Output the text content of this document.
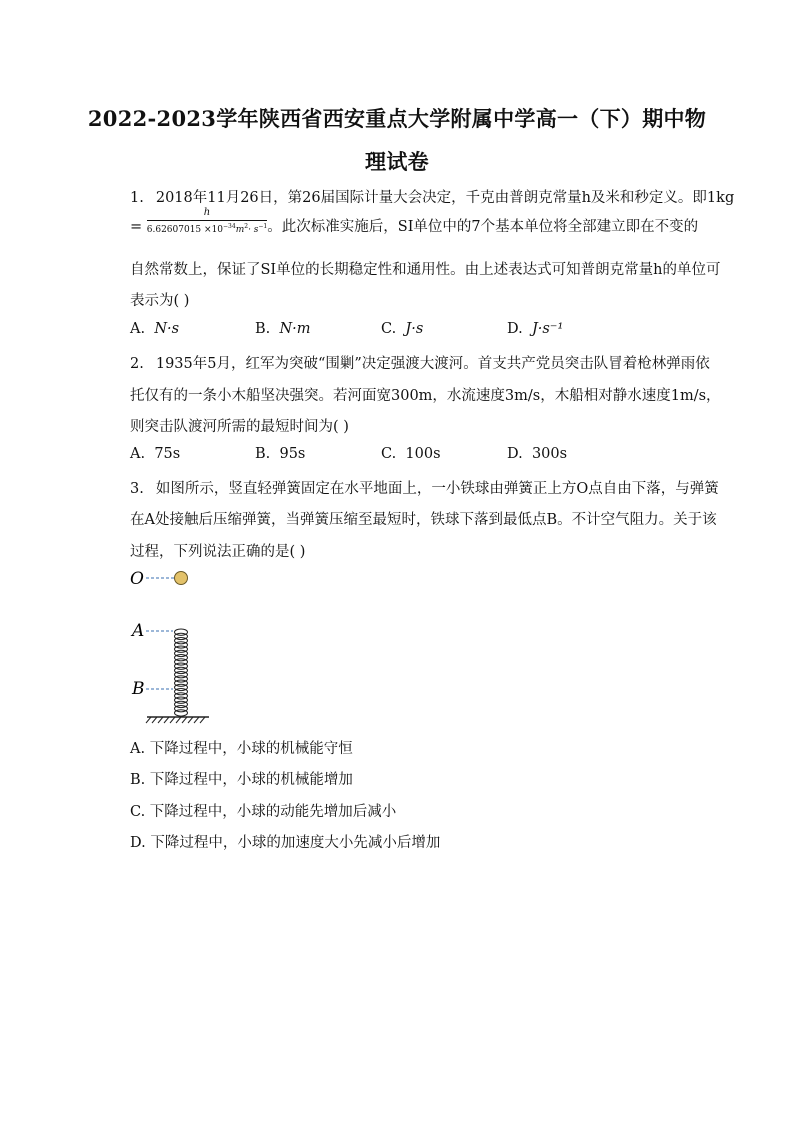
2022-2023学年陕西省西安重点大学附属中学高一（下）期中物
理试卷
1. 2018年11月26日，第26届国际计量大会决定，千克由普朗克常量h及米和秒定义。即1kg
= $\frac{h}{6.62607015 \times 10^{-34}m^2\cdot s^{-1}}$ 。此次标准实施后，SI单位中的7个基本单位将全部建立即在不变的
自然常数上，保证了SI单位的长期稳定性和通用性。由上述表达式可知普朗克常量h的单位可
表示为( )
A. N·s	B. N·m	C. J·s	D. J·s⁻¹
2. 1935年5月，红军为突破“围剿”决定强渡大渡河。首支共产党员突击队冒着枪林弹雨依
托仅有的一条小木船坚决强突。若河面宽300m，水流速度3m/s，木船相对静水速度1m/s，
则突击队渡河所需的最短时间为( )
A. 75s	B. 95s	C. 100s	D. 300s
3. 如图所示，竖直轻弹簧固定在水平地面上，一小铁球由弹簧正上方O点自由下落，与弹簧
在A处接触后压缩弹簧，当弹簧压缩至最短时，铁球下落到最低点B。不计空气阻力。关于该
过程，下列说法正确的是( )
O
A
B
A. 下降过程中，小球的机械能守恒
B. 下降过程中，小球的机械能增加
C. 下降过程中，小球的动能先增加后减小
D. 下降过程中，小球的加速度大小先减小后增加
